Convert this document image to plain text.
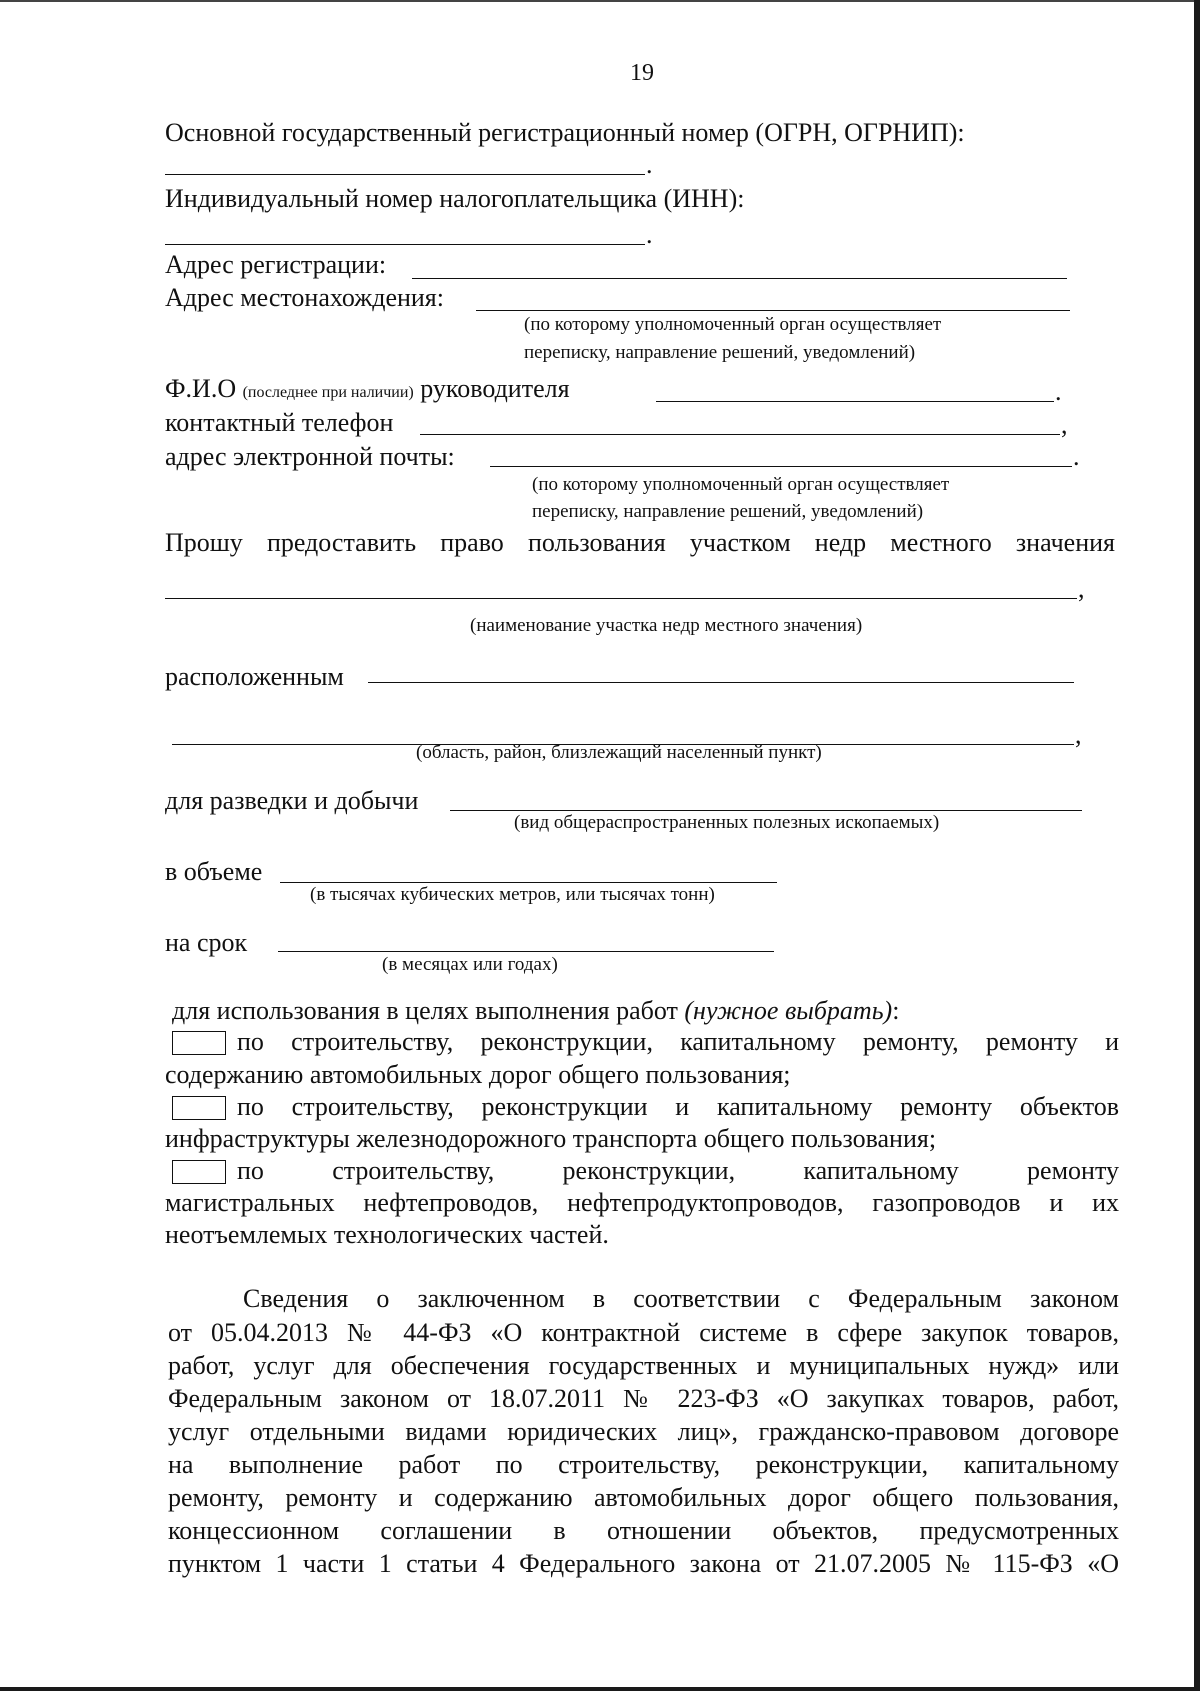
19
Основной государственный регистрационный номер (ОГРН, ОГРНИП):
.
Индивидуальный номер налогоплательщика (ИНН):
.
Адрес регистрации:
Адрес местонахождения:
(по которому уполномоченный орган осуществляет
переписку, направление решений, уведомлений)
Ф.И.О (последнее при наличии) руководителя	.
контактный телефон	,
адрес электронной почты:	.
(по которому уполномоченный орган осуществляет
переписку, направление решений, уведомлений)
Прошу предоставить право пользования участком недр местного значения
,
(наименование участка недр местного значения)
расположенным
,
(область, район, близлежащий населенный пункт)
для разведки и добычи
(вид общераспространенных полезных ископаемых)
в объеме
(в тысячах кубических метров, или тысячах тонн)
на срок
(в месяцах или годах)
для использования в целях выполнения работ (нужное выбрать):
по строительству, реконструкции, капитальному ремонту, ремонту и
содержанию автомобильных дорог общего пользования;
по строительству, реконструкции и капитальному ремонту объектов
инфраструктуры железнодорожного транспорта общего пользования;
по строительству, реконструкции, капитальному ремонту
магистральных нефтепроводов, нефтепродуктопроводов, газопроводов и их
неотъемлемых технологических частей.
Сведения о заключенном в соответствии с Федеральным законом
от 05.04.2013 № 44-ФЗ «О контрактной системе в сфере закупок товаров,
работ, услуг для обеспечения государственных и муниципальных нужд» или
Федеральным законом от 18.07.2011 № 223-ФЗ «О закупках товаров, работ,
услуг отдельными видами юридических лиц», гражданско-правовом договоре
на выполнение работ по строительству, реконструкции, капитальному
ремонту, ремонту и содержанию автомобильных дорог общего пользования,
концессионном соглашении в отношении объектов, предусмотренных
пунктом 1 части 1 статьи 4 Федерального закона от 21.07.2005 № 115-ФЗ «О
